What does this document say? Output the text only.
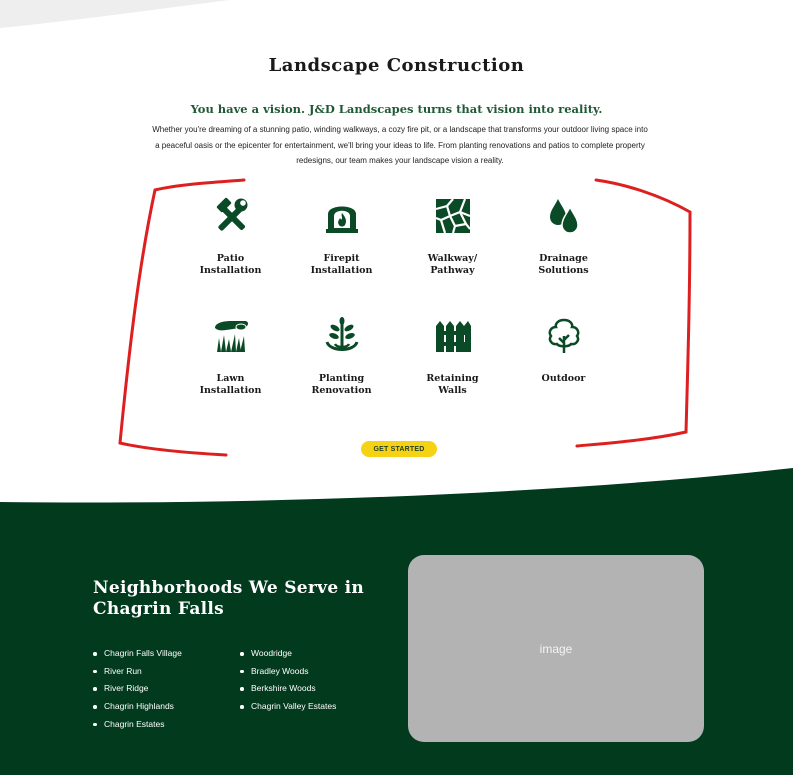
Landscape Construction

You have a vision. J&D Landscapes turns that vision into reality.

Whether you're dreaming of a stunning patio, winding walkways, a cozy fire pit, or a landscape that transforms your outdoor living space into a peaceful oasis or the epicenter for entertainment, we'll bring your ideas to life. From planting renovations and patios to complete property redesigns, our team makes your landscape vision a reality.

Patio
Installation
Firepit
Installation
Walkway/
Pathway
Drainage
Solutions
Lawn
Installation
Planting
Renovation
Retaining
Walls
Outdoor
GET STARTED
Neighborhoods We Serve in Chagrin Falls
Chagrin Falls Village
River Run
River Ridge
Chagrin Highlands
Chagrin Estates
Woodridge
Bradley Woods
Berkshire Woods
Chagrin Valley Estates
image
